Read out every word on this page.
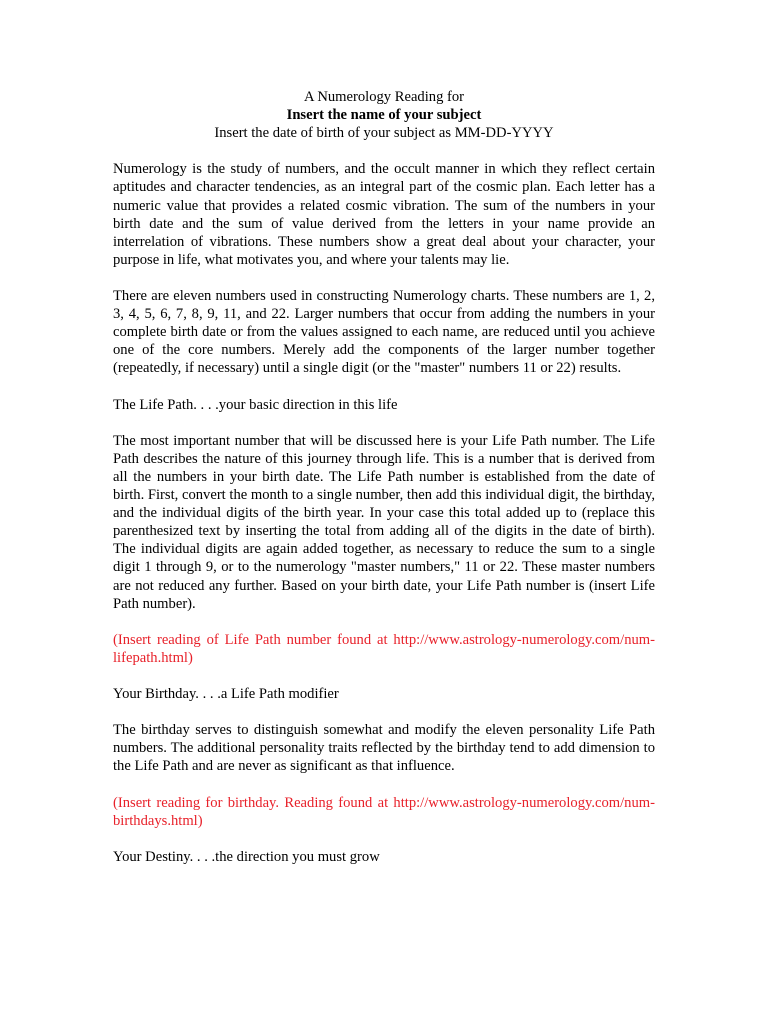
A Numerology Reading for

Insert the name of your subject

Insert the date of birth of your subject as MM-DD-YYYY

Numerology is the study of numbers, and the occult manner in which they reflect certain aptitudes and character tendencies, as an integral part of the cosmic plan. Each letter has a numeric value that provides a related cosmic vibration. The sum of the numbers in your birth date and the sum of value derived from the letters in your name provide an interrelation of vibrations. These numbers show a great deal about your character, your purpose in life, what motivates you, and where your talents may lie.

There are eleven numbers used in constructing Numerology charts. These numbers are 1, 2, 3, 4, 5, 6, 7, 8, 9, 11, and 22. Larger numbers that occur from adding the numbers in your complete birth date or from the values assigned to each name, are reduced until you achieve one of the core numbers. Merely add the components of the larger number together (repeatedly, if necessary) until a single digit (or the "master" numbers 11 or 22) results.

The Life Path. . . .your basic direction in this life

The most important number that will be discussed here is your Life Path number. The Life Path describes the nature of this journey through life. This is a number that is derived from all the numbers in your birth date. The Life Path number is established from the date of birth. First, convert the month to a single number, then add this individual digit, the birthday, and the individual digits of the birth year. In your case this total added up to (replace this parenthesized text by inserting the total from adding all of the digits in the date of birth). The individual digits are again added together, as necessary to reduce the sum to a single digit 1 through 9, or to the numerology "master numbers," 11 or 22. These master numbers are not reduced any further. Based on your birth date, your Life Path number is (insert Life Path number).

(Insert reading of Life Path number found at http://www.astrology-numerology.com/num-lifepath.html)

Your Birthday. . . .a Life Path modifier

The birthday serves to distinguish somewhat and modify the eleven personality Life Path numbers. The additional personality traits reflected by the birthday tend to add dimension to the Life Path and are never as significant as that influence.

(Insert reading for birthday. Reading found at http://www.astrology-numerology.com/num-birthdays.html)

Your Destiny. . . .the direction you must grow
